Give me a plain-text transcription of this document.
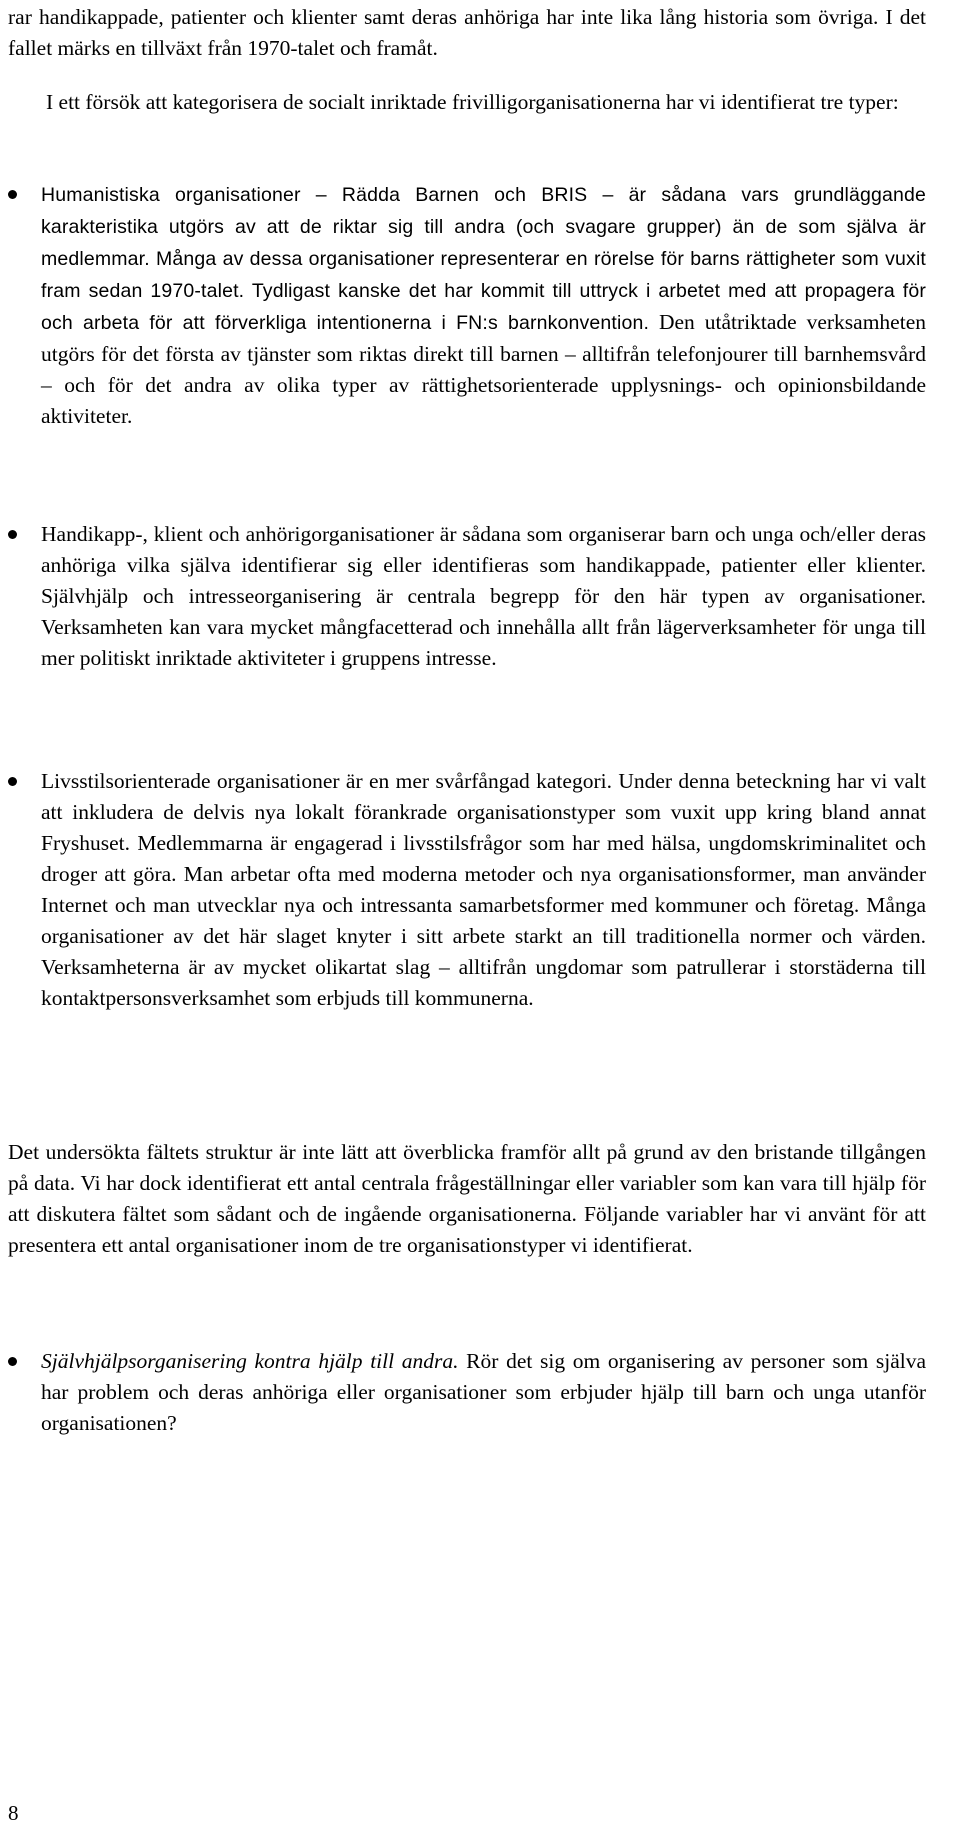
rar handikappade, patienter och klienter samt deras anhöriga har inte lika lång historia som övriga. I det fallet märks en tillväxt från 1970-talet och framåt.

I ett försök att kategorisera de socialt inriktade frivilligorganisationerna har vi identifierat tre typer:

Humanistiska organisationer – Rädda Barnen och BRIS – är sådana vars grundläggande karakteristika utgörs av att de riktar sig till andra (och svagare grupper) än de som själva är medlemmar. Många av dessa organisationer representerar en rörelse för barns rättigheter som vuxit fram sedan 1970-talet. Tydligast kanske det har kommit till uttryck i arbetet med att propagera för och arbeta för att förverkliga intentionerna i FN:s barnkonvention. Den utåtriktade verksamheten utgörs för det första av tjänster som riktas direkt till barnen – alltifrån telefonjourer till barnhemsvård – och för det andra av olika typer av rättighetsorienterade upplysnings- och opinionsbildande aktiviteter.

Handikapp-, klient och anhörigorganisationer är sådana som organiserar barn och unga och/eller deras anhöriga vilka själva identifierar sig eller identifieras som handikappade, patienter eller klienter. Självhjälp och intresseorganisering är centrala begrepp för den här typen av organisationer. Verksamheten kan vara mycket mångfacetterad och innehålla allt från lägerverksamheter för unga till mer politiskt inriktade aktiviteter i gruppens intresse.

Livsstilsorienterade organisationer är en mer svårfångad kategori. Under denna beteckning har vi valt att inkludera de delvis nya lokalt förankrade organisationstyper som vuxit upp kring bland annat Fryshuset. Medlemmarna är engagerad i livsstilsfrågor som har med hälsa, ungdomskriminalitet och droger att göra. Man arbetar ofta med moderna metoder och nya organisationsformer, man använder Internet och man utvecklar nya och intressanta samarbetsformer med kommuner och företag. Många organisationer av det här slaget knyter i sitt arbete starkt an till traditionella normer och värden. Verksamheterna är av mycket olikartat slag – alltifrån ungdomar som patrullerar i storstäderna till kontaktpersonsverksamhet som erbjuds till kommunerna.

Det undersökta fältets struktur är inte lätt att överblicka framför allt på grund av den bristande tillgången på data. Vi har dock identifierat ett antal centrala frågeställningar eller variabler som kan vara till hjälp för att diskutera fältet som sådant och de ingående organisationerna. Följande variabler har vi använt för att presentera ett antal organisationer inom de tre organisationstyper vi identifierat.

Självhjälpsorganisering kontra hjälp till andra. Rör det sig om organisering av personer som själva har problem och deras anhöriga eller organisationer som erbjuder hjälp till barn och unga utanför organisationen?

8
